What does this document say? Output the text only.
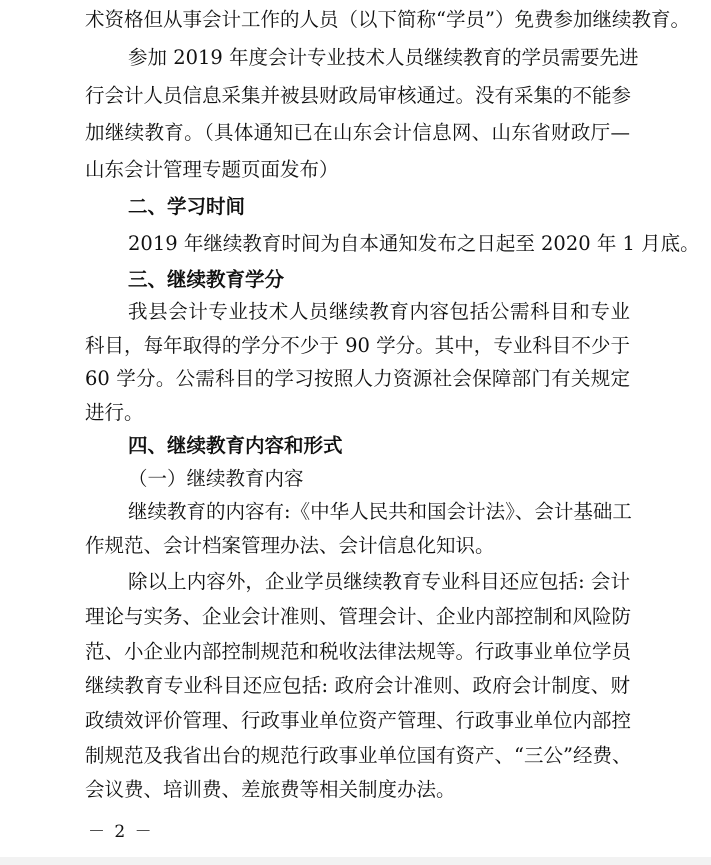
术资格但从事会计工作的人员（以下简称“学员”）免费参加继续教育。
参加 2019 年度会计专业技术人员继续教育的学员需要先进
行会计人员信息采集并被县财政局审核通过。没有采集的不能参
加继续教育。（具体通知已在山东会计信息网、山东省财政厅—
山东会计管理专题页面发布）
二、学习时间
2019 年继续教育时间为自本通知发布之日起至 2020 年 1 月底。
三、继续教育学分
我县会计专业技术人员继续教育内容包括公需科目和专业
科目，每年取得的学分不少于 90 学分。其中，专业科目不少于
60 学分。公需科目的学习按照人力资源社会保障部门有关规定
进行。
四、继续教育内容和形式
（一）继续教育内容
继续教育的内容有:《中华人民共和国会计法》、会计基础工
作规范、会计档案管理办法、会计信息化知识。
除以上内容外，企业学员继续教育专业科目还应包括: 会计
理论与实务、企业会计准则、管理会计、企业内部控制和风险防
范、小企业内部控制规范和税收法律法规等。行政事业单位学员
继续教育专业科目还应包括: 政府会计准则、政府会计制度、财
政绩效评价管理、行政事业单位资产管理、行政事业单位内部控
制规范及我省出台的规范行政事业单位国有资产、“三公”经费、
会议费、培训费、差旅费等相关制度办法。
－ 2 －
